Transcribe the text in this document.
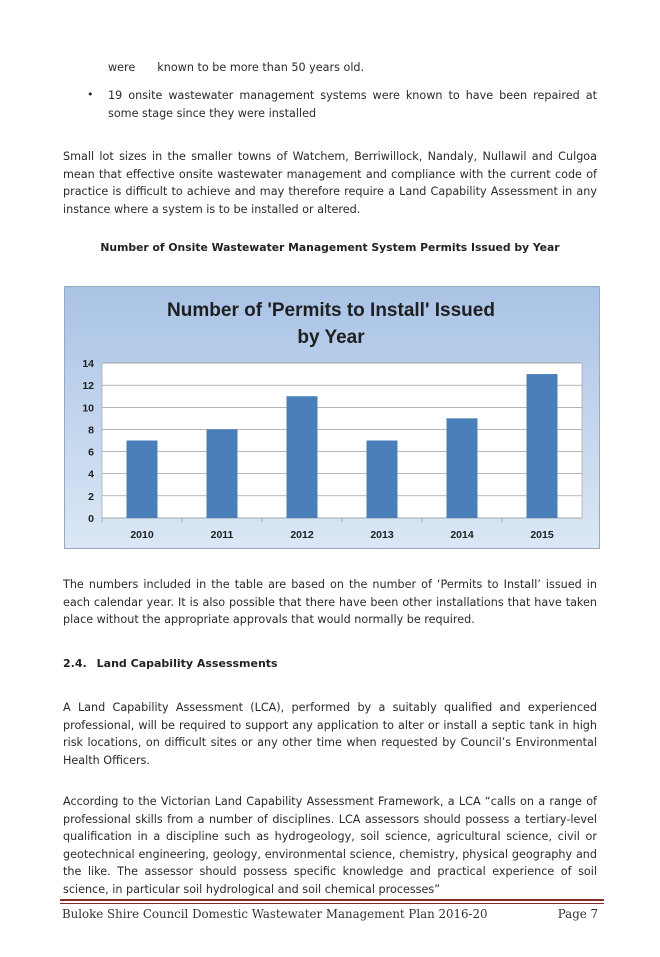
were known to be more than 50 years old.
• 19 onsite wastewater management systems were known to have been repaired at some stage since they were installed

Small lot sizes in the smaller towns of Watchem, Berriwillock, Nandaly, Nullawil and Culgoa mean that effective onsite wastewater management and compliance with the current code of practice is difficult to achieve and may therefore require a Land Capability Assessment in any instance where a system is to be installed or altered.

Number of Onsite Wastewater Management System Permits Issued by Year
Number of 'Permits to Install' Issued
by Year
0
2
4
6
8
10
12
14
2010	2011	2012	2013	2014	2015

The numbers included in the table are based on the number of ‘Permits to Install’ issued in each calendar year. It is also possible that there have been other installations that have taken place without the appropriate approvals that would normally be required.

2.4. Land Capability Assessments

A Land Capability Assessment (LCA), performed by a suitably qualified and experienced professional, will be required to support any application to alter or install a septic tank in high risk locations, on difficult sites or any other time when requested by Council’s Environmental Health Officers.

According to the Victorian Land Capability Assessment Framework, a LCA “calls on a range of professional skills from a number of disciplines. LCA assessors should possess a tertiary-level qualification in a discipline such as hydrogeology, soil science, agricultural science, civil or geotechnical engineering, geology, environmental science, chemistry, physical geography and the like. The assessor should possess specific knowledge and practical experience of soil science, in particular soil hydrological and soil chemical processes”

Buloke Shire Council Domestic Wastewater Management Plan 2016-20	Page 7
